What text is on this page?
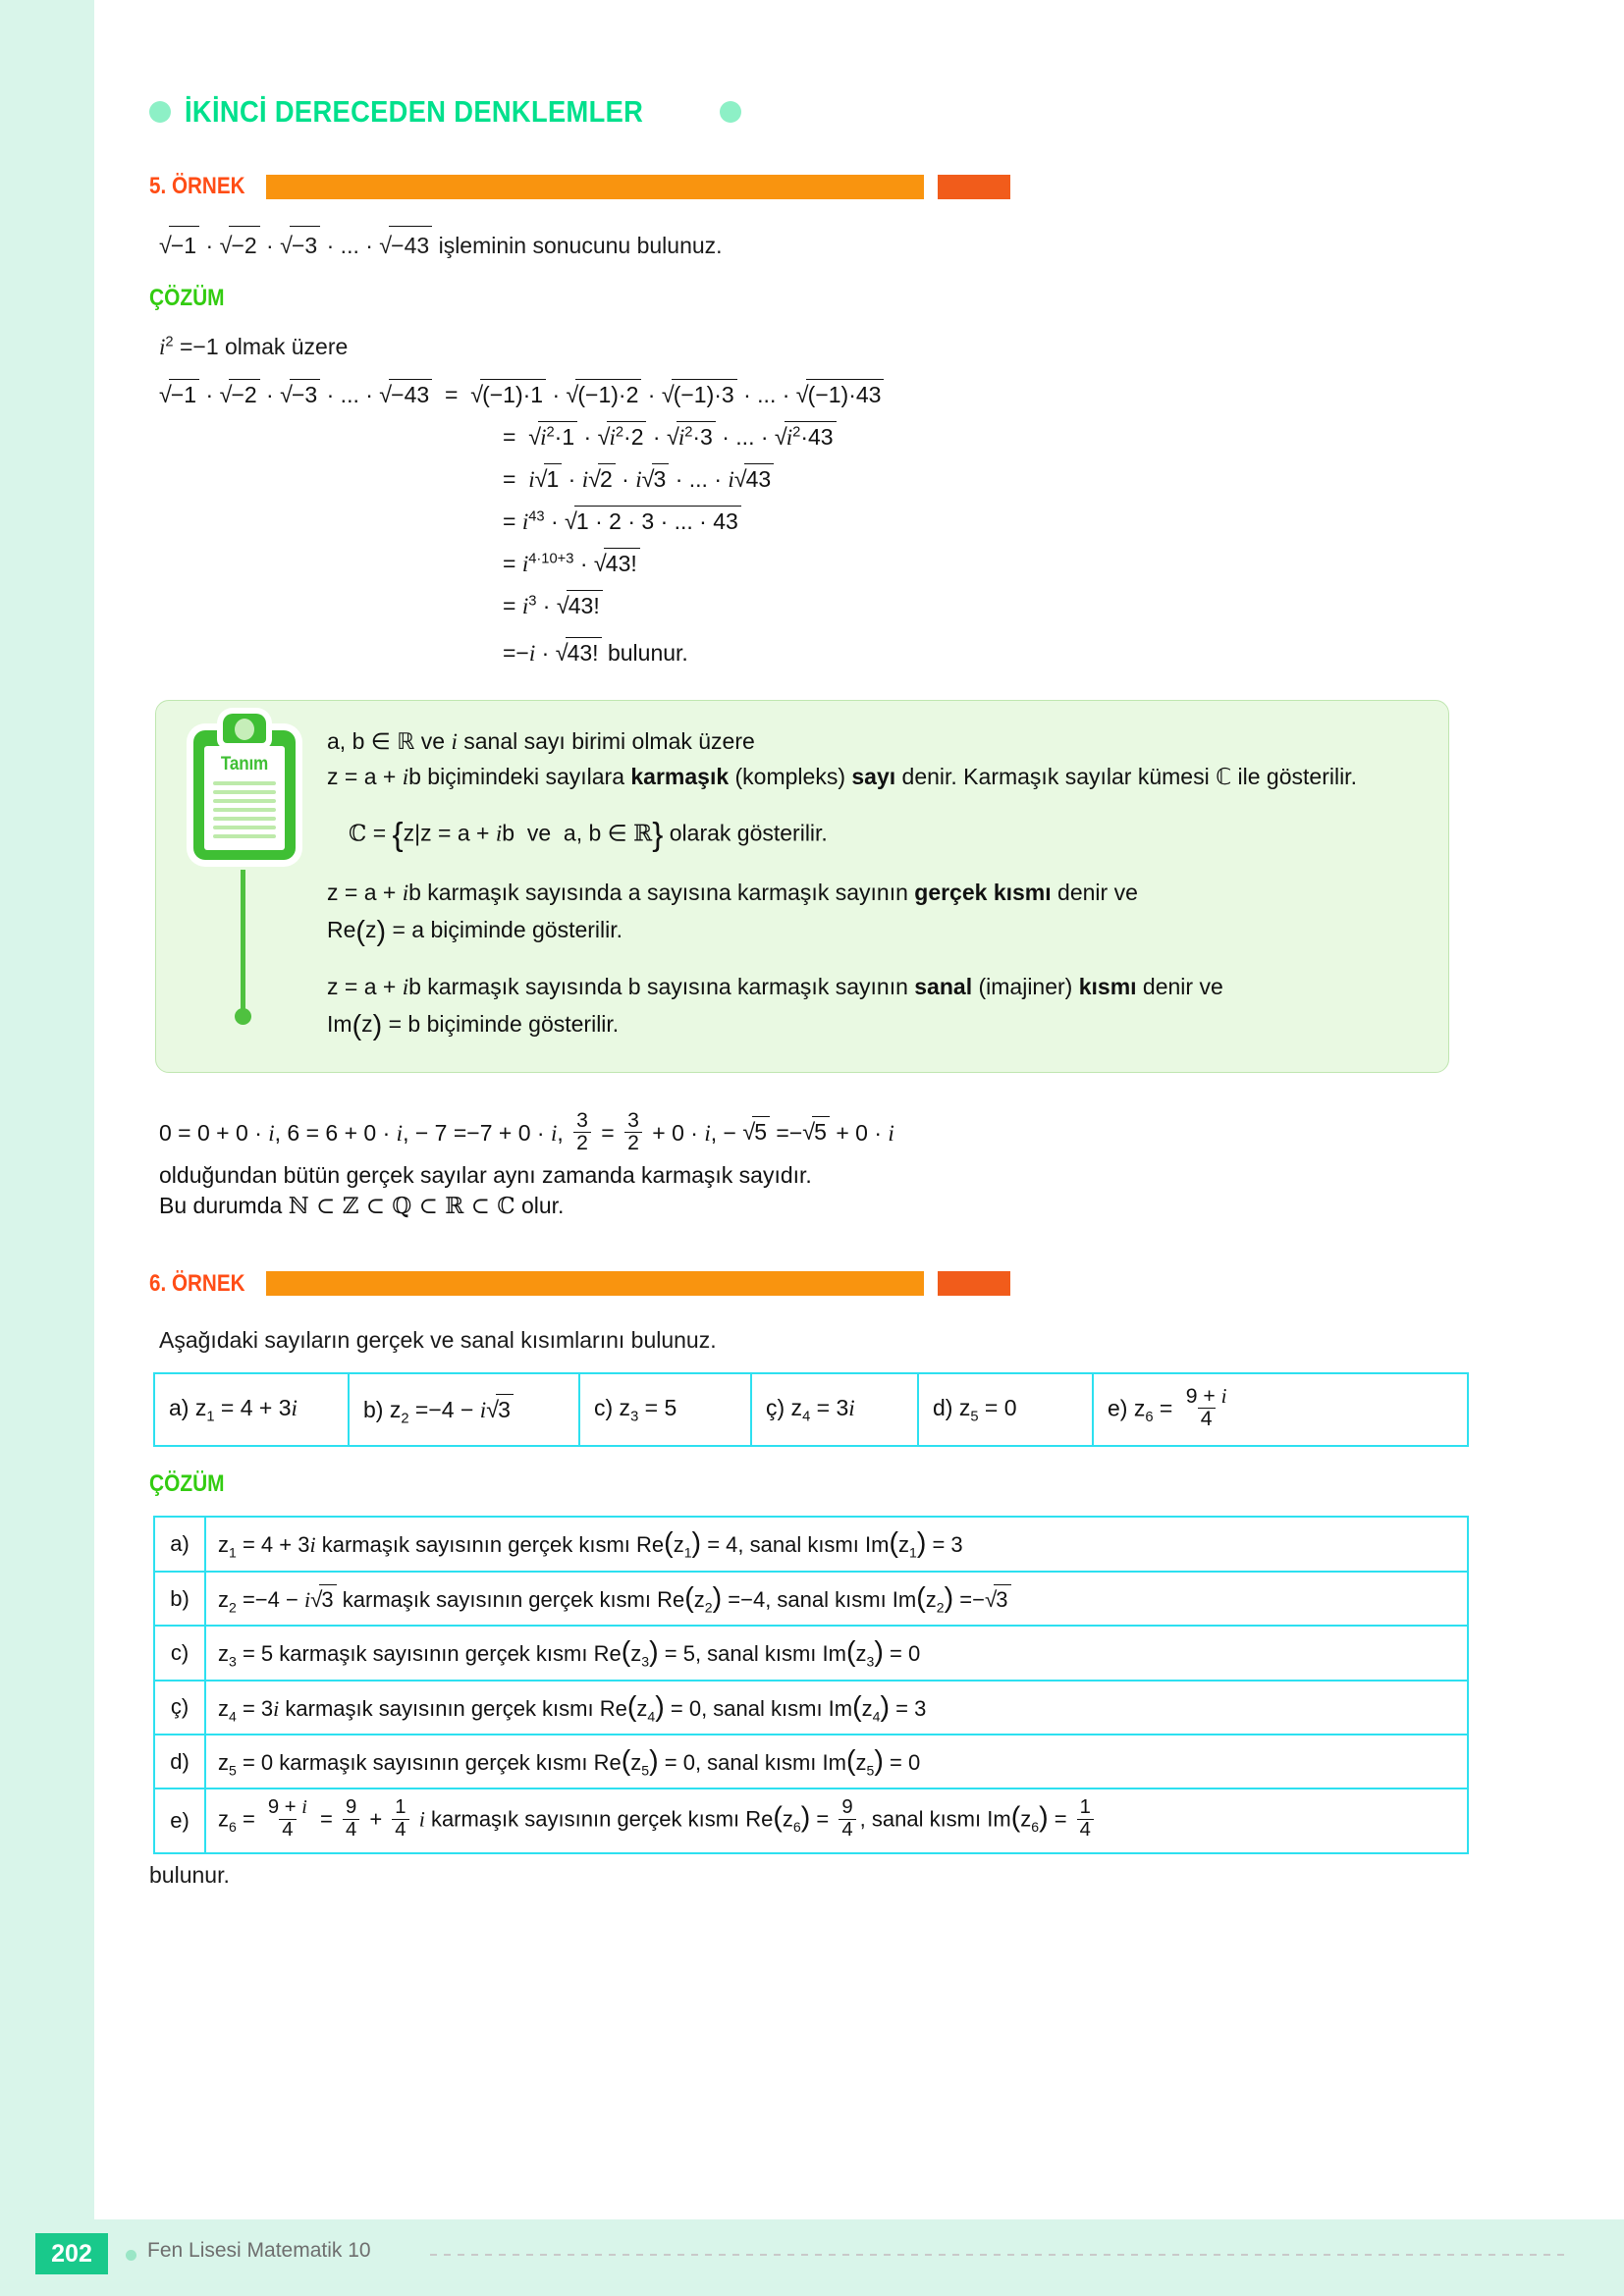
İKİNCİ DERECEDEN DENKLEMLER
5. ÖRNEK
√−1 · √−2 · √−3 · ... · √−43 işleminin sonucunu bulunuz.
ÇÖZÜM
$i^2 =-1$ olmak üzere
√−1 · √−2 · √−3 · ... · √−43  =  √(−1)·1 · √(−1)·2 · √(−1)·3 · ... · √(−1)·43
=  $√i^2\cdot 1 \cdot √i^2\cdot 2 \cdot √i^2\cdot 3$ · ... · $√i^2\cdot 43$
=  i√1 · i√2 · i√3 · ... · i√43
= $i^{43} \cdot √1 \cdot 2 \cdot 3$ · ... · 43
= $i^{4\cdot 10+3} \cdot √43$!
= $i^3 \cdot √43$!
=−i · √43! bulunur.
Tanım
a, b ∈ ℝ ve i sanal sayı birimi olmak üzere
z = a + ib biçimindeki sayılara karmaşık (kompleks) sayı denir. Karmaşık sayılar kümesi ℂ ile gösterilir.
ℂ = {z|z = a + ib  ve  a, b ∈ ℝ} olarak gösterilir.
z = a + ib karmaşık sayısında a sayısına karmaşık sayının gerçek kısmı denir ve
Re(z) = a biçiminde gösterilir.
z = a + ib karmaşık sayısında b sayısına karmaşık sayının sanal (imajiner) kısmı denir ve
Im(z) = b biçiminde gösterilir.
0 = 0 + 0 · i, 6 = 6 + 0 · i, − 7 =−7 + 0 · i, $\frac{3}{2} = \frac{3}{2} + 0 \cdot i$, − √5 =−√5 + 0 · i

olduğundan bütün gerçek sayılar aynı zamanda karmaşık sayıdır.

Bu durumda ℕ ⊂ ℤ ⊂ ℚ ⊂ ℝ ⊂ ℂ olur.

6. ÖRNEK
Aşağıdaki sayıların gerçek ve sanal kısımlarını bulunuz.
a) $z_1 = 4 + 3i$	b) $z_2 =-4 - i√3$	c) $z_3 = 5$	ç) $z_4 = 3i$	d) $z_5 = 0$	e) $z_6 = \frac{9 + i}{4}$
ÇÖZÜM
a)	$z_1 = 4 + 3i$ karmaşık sayısının gerçek kısmı $Re(z_1) = 4$, sanal kısmı $Im(z_1) = 3$
b)	$z_2 =-4 - i√3$ karmaşık sayısının gerçek kısmı $Re(z_2) =-4$, sanal kısmı $Im(z_2) =-√3$
c)	$z_3 = 5$ karmaşık sayısının gerçek kısmı $Re(z_3) = 5$, sanal kısmı $Im(z_3) = 0$
ç)	$z_4 = 3i$ karmaşık sayısının gerçek kısmı $Re(z_4) = 0$, sanal kısmı $Im(z_4) = 3$
d)	$z_5 = 0$ karmaşık sayısının gerçek kısmı $Re(z_5) = 0$, sanal kısmı $Im(z_5) = 0$
e)	$z_6 = \frac{9 + i}{4} = \frac{9}{4} + \frac{1}{4}$ i karmaşık sayısının gerçek kısmı $Re(z_6) = \frac{9}{4}$ , sanal kısmı $Im(z_6) = \frac{1}{4}$
bulunur.
202	Fen Lisesi Matematik 10
